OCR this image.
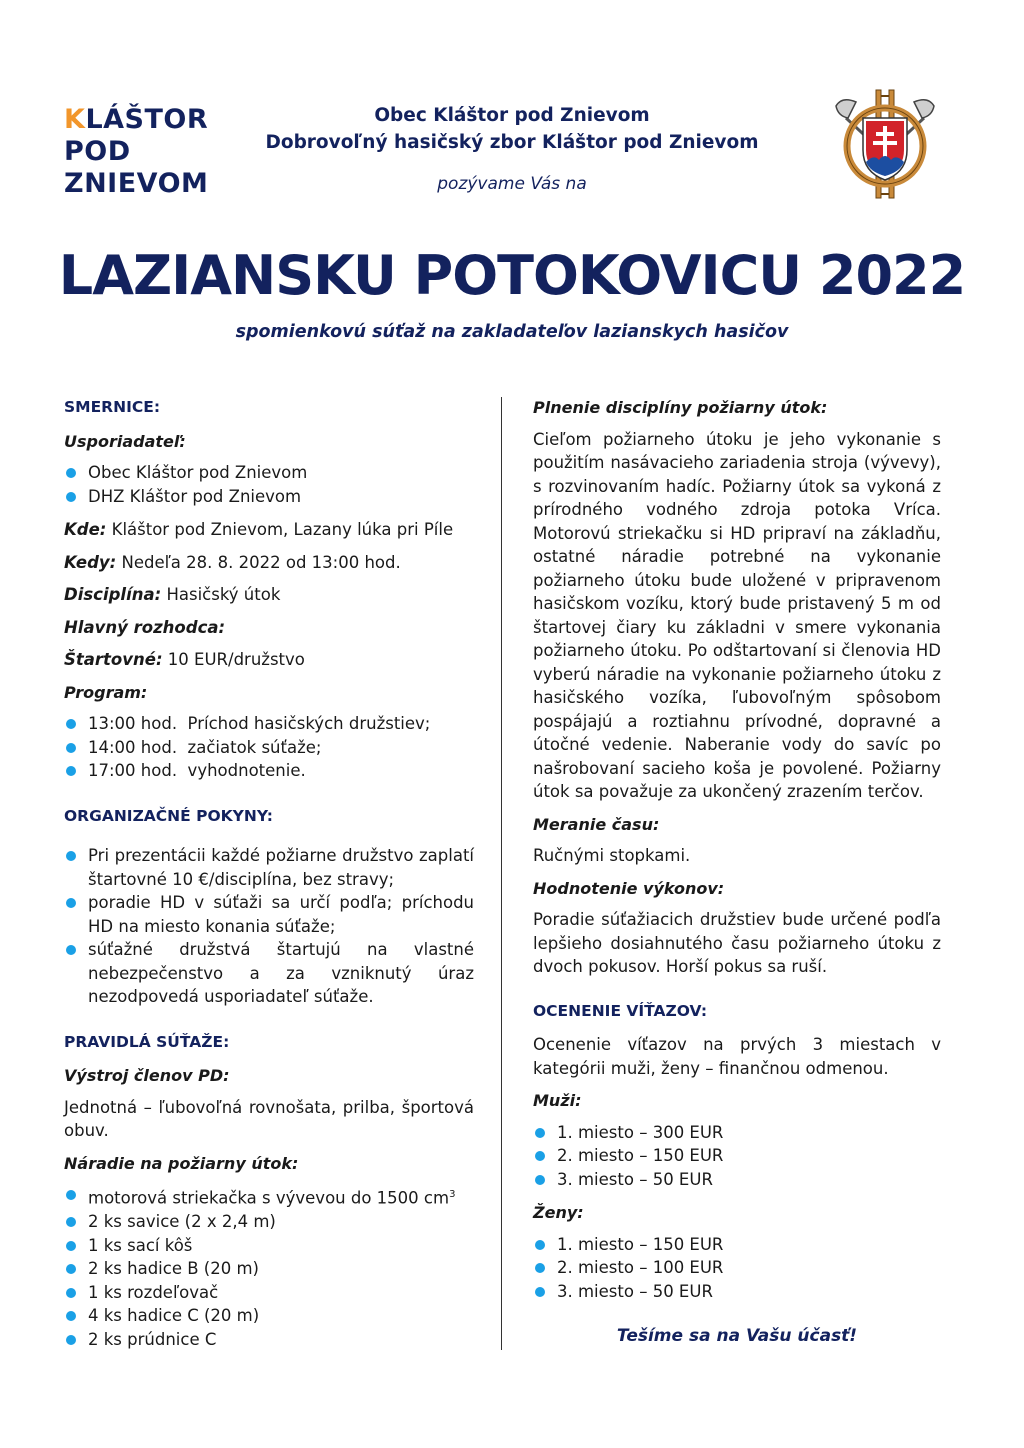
KLÁŠTOR
POD
ZNIEVOM
Obec Kláštor pod Znievom
Dobrovoľný hasičský zbor Kláštor pod Znievom
pozývame Vás na
LAZIANSKU POTOKOVICU 2022
spomienkovú súťaž na zakladateľov lazianskych hasičov
SMERNICE:
Usporiadateľ:
Obec Kláštor pod Znievom
DHZ Kláštor pod Znievom
Kde: Kláštor pod Znievom, Lazany lúka pri Píle
Kedy: Nedeľa 28. 8. 2022 od 13:00 hod.
Disciplína: Hasičský útok
Hlavný rozhodca:
Štartovné: 10 EUR/družstvo
Program:
13:00 hod.  Príchod hasičských družstiev;
14:00 hod.  začiatok súťaže;
17:00 hod.  vyhodnotenie.
ORGANIZAČNÉ POKYNY:
Pri prezentácii každé požiarne družstvo zaplatí štartovné 10 €/disciplína, bez stravy;
poradie HD v súťaži sa určí podľa; príchodu HD na miesto konania súťaže;
súťažné družstvá štartujú na vlastné nebezpečenstvo a za vzniknutý úraz nezodpovedá usporiadateľ súťaže.
PRAVIDLÁ SÚŤAŽE:
Výstroj členov PD:
Jednotná – ľubovoľná rovnošata, prilba, športová obuv.
Náradie na požiarny útok:
motorová striekačka s vývevou do 1500 $cm^3$
2 ks savice (2 x 2,4 m)
1 ks sací kôš
2 ks hadice B (20 m)
1 ks rozdeľovač
4 ks hadice C (20 m)
2 ks prúdnice C
Plnenie disciplíny požiarny útok:
Cieľom požiarneho útoku je jeho vykonanie s použitím nasávacieho zariadenia stroja (vývevy), s rozvinovaním hadíc. Požiarny útok sa vykoná z prírodného vodného zdroja potoka Vríca. Motorovú striekačku si HD pripraví na základňu, ostatné náradie potrebné na vykonanie požiarneho útoku bude uložené v pripravenom hasičskom vozíku, ktorý bude pristavený 5 m od štartovej čiary ku základni v smere vykonania požiarneho útoku. Po odštartovaní si členovia HD vyberú náradie na vykonanie požiarneho útoku z hasičského vozíka, ľubovoľným spôsobom pospájajú a roztiahnu prívodné, dopravné a útočné vedenie. Naberanie vody do savíc po našrobovaní sacieho koša je povolené. Požiarny útok sa považuje za ukončený zrazením terčov.
Meranie času:
Ručnými stopkami.
Hodnotenie výkonov:
Poradie súťažiacich družstiev bude určené podľa lepšieho dosiahnutého času požiarneho útoku z dvoch pokusov. Horší pokus sa ruší.
OCENENIE VÍŤAZOV:
Ocenenie víťazov na prvých 3 miestach v kategórii muži, ženy – finančnou odmenou.
Muži:
1. miesto – 300 EUR
2. miesto – 150 EUR
3. miesto – 50 EUR
Ženy:
1. miesto – 150 EUR
2. miesto – 100 EUR
3. miesto – 50 EUR
Tešíme sa na Vašu účasť!
